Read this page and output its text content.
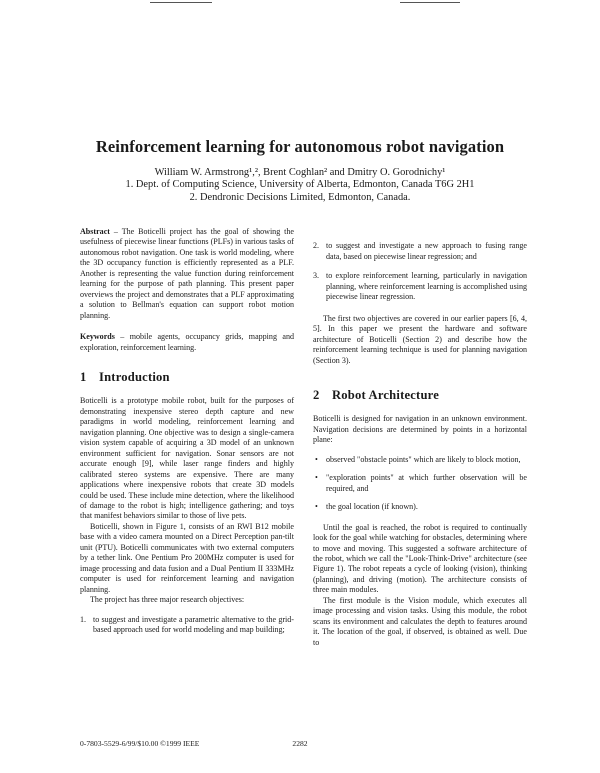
Reinforcement learning for autonomous robot navigation
William W. Armstrong¹,², Brent Coghlan² and Dmitry O. Gorodnichy¹
1. Dept. of Computing Science, University of Alberta, Edmonton, Canada T6G 2H1
2. Dendronic Decisions Limited, Edmonton, Canada.

Abstract – The Boticelli project has the goal of showing the usefulness of piecewise linear functions (PLFs) in various tasks of autonomous robot navigation. One task is world modeling, where the 3D occupancy function is efficiently represented as a PLF. Another is representing the value function during reinforcement learning for the purpose of path planning. This present paper overviews the project and demonstrates that a PLF approximating a solution to Bellman's equation can support robot motion planning.

Keywords – mobile agents, occupancy grids, mapping and exploration, reinforcement learning.

1 Introduction

Boticelli is a prototype mobile robot, built for the purposes of demonstrating inexpensive stereo depth capture and new paradigms in world modeling, reinforcement learning and navigation planning. One objective was to design a single-camera vision system capable of acquiring a 3D model of an unknown environment sufficient for navigation. Sonar sensors are not accurate enough [9], while laser range finders and highly calibrated stereo systems are expensive. There are many applications where inexpensive robots that create 3D models could be used. These include mine detection, where the likelihood of damage to the robot is high; intelligence gathering; and toys that manifest behaviors similar to those of live pets.

Boticelli, shown in Figure 1, consists of an RWI B12 mobile base with a video camera mounted on a Direct Perception pan-tilt unit (PTU). Boticelli communicates with two external computers by a tether link. One Pentium Pro 200MHz computer is used for image processing and data fusion and a Dual Pentium II 333MHz computer is used for reinforcement learning and navigation planning.

The project has three major research objectives:

1. to suggest and investigate a parametric alternative to the grid-based approach used for world modeling and map building;

2. to suggest and investigate a new approach to fusing range data, based on piecewise linear regression; and
3. to explore reinforcement learning, particularly in navigation planning, where reinforcement learning is accomplished using piecewise linear regression.

The first two objectives are covered in our earlier papers [6, 4, 5]. In this paper we present the hardware and software architecture of Boticelli (Section 2) and describe how the reinforcement learning technique is used for planning navigation (Section 3).

2 Robot Architecture

Boticelli is designed for navigation in an unknown environment. Navigation decisions are determined by points in a horizontal plane:

• observed "obstacle points" which are likely to block motion,
• "exploration points" at which further observation will be required, and
• the goal location (if known).

Until the goal is reached, the robot is required to continually look for the goal while watching for obstacles, determining where to move and moving. This suggested a software architecture of the robot, which we call the "Look-Think-Drive" architecture (see Figure 1). The robot repeats a cycle of looking (vision), thinking (planning), and driving (motion). The architecture consists of three main modules.

The first module is the Vision module, which executes all image processing and vision tasks. Using this module, the robot scans its environment and calculates the depth to features around it. The location of the goal, if observed, is obtained as well. Due to

0-7803-5529-6/99/$10.00 ©1999 IEEE	2282
